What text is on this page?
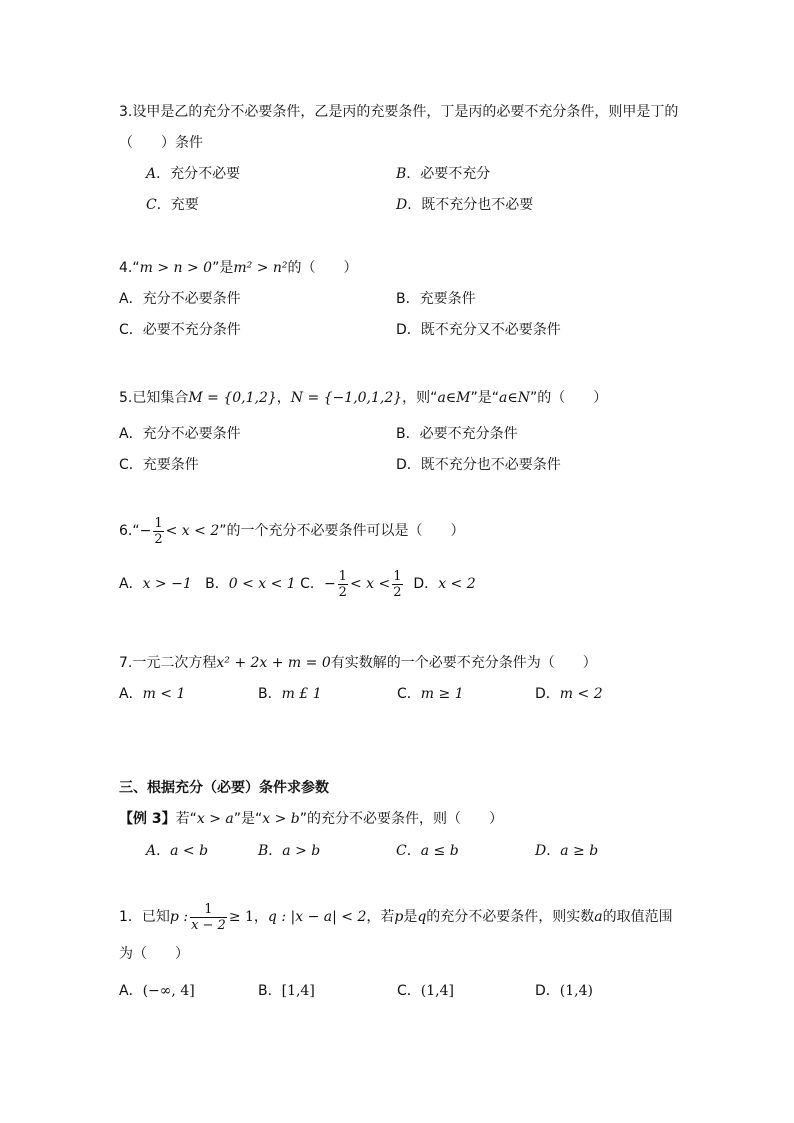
3.设甲是乙的充分不必要条件，乙是丙的充要条件，丁是丙的必要不充分条件，则甲是丁的
（　　）条件
A．充分不必要	B．必要不充分
C．充要	D．既不充分也不必要
4.“m > n > 0”是m² > n²的（　　）
A．充分不必要条件	B．充要条件
C．必要不充分条件	D．既不充分又不必要条件
5.已知集合M = {0,1,2}，N = {−1,0,1,2}，则“a∈M”是“a∈N”的（　　）
A．充分不必要条件	B．必要不充分条件
C．充要条件	D．既不充分也不必要条件
6.“− $\frac{1}{2} < x < 2$”的一个充分不必要条件可以是（　　）
A．x > −1 B．0 < x < 1 C．− $\frac{1}{2} < x < \frac{1}{2}$ D．x < 2
7.一元二次方程x² + 2x + m = 0有实数解的一个必要不充分条件为（　　）
A．m < 1	B．m £ 1	C．m ≥ 1	D．m < 2
三、根据充分（必要）条件求参数
【例 3】若“x > a”是“x > b”的充分不必要条件，则（　　）
A．a < b	B．a > b	C．a ≤ b	D．a ≥ b
1．已知p : $\frac{1}{x - 2} \ge 1$，q : |x − a| < 2，若p是q的充分不必要条件，则实数a的取值范围
为（　　）
A．(−∞, 4]	B．[1,4]	C．(1,4]	D．(1,4)
